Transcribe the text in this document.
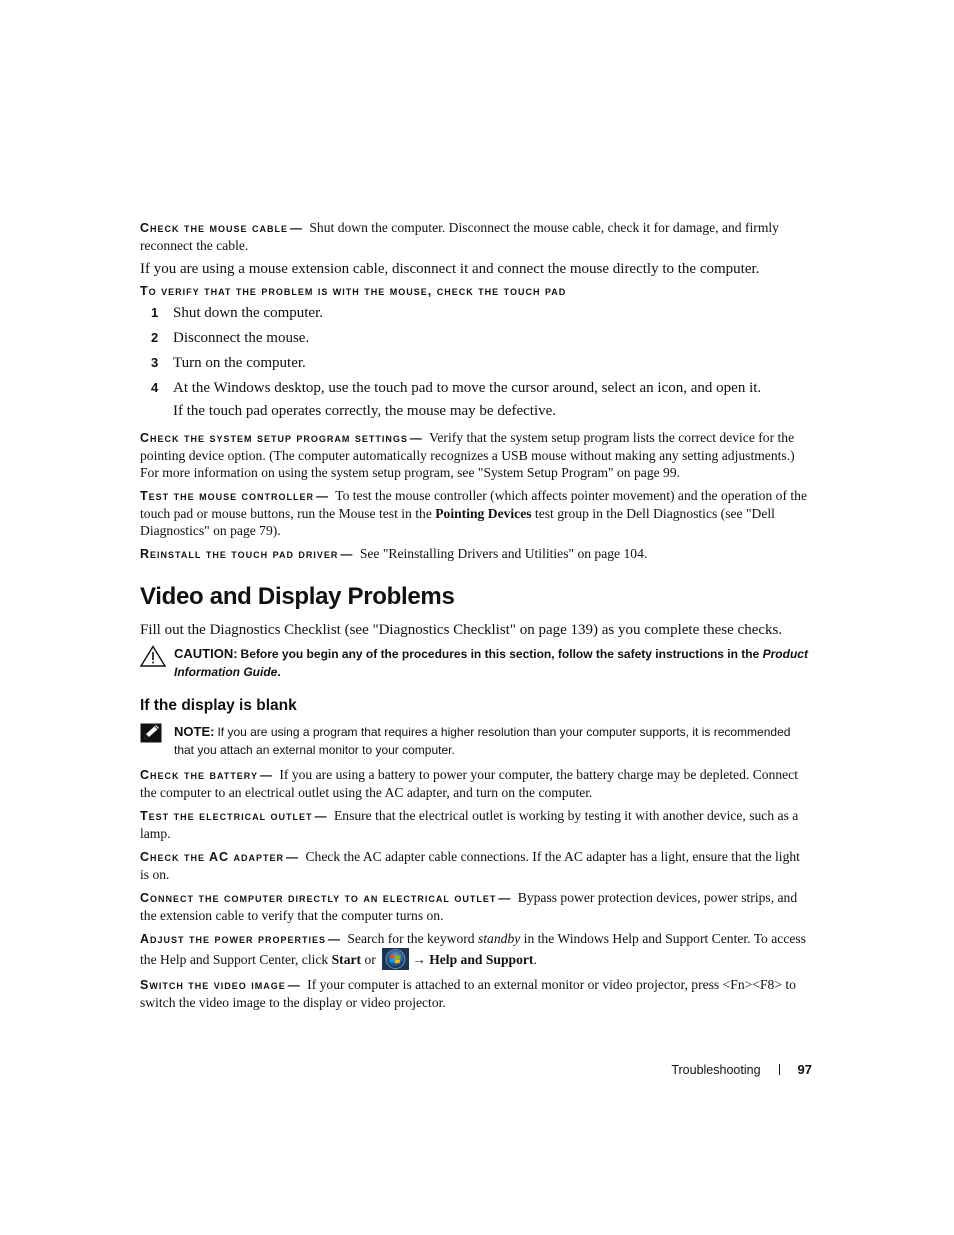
Check the mouse cable — Shut down the computer. Disconnect the mouse cable, check it for damage, and firmly reconnect the cable.

If you are using a mouse extension cable, disconnect it and connect the mouse directly to the computer.

To verify that the problem is with the mouse, check the touch pad

1 Shut down the computer.
2 Disconnect the mouse.
3 Turn on the computer.
4 At the Windows desktop, use the touch pad to move the cursor around, select an icon, and open it.

If the touch pad operates correctly, the mouse may be defective.

Check the system setup program settings — Verify that the system setup program lists the correct device for the pointing device option. (The computer automatically recognizes a USB mouse without making any setting adjustments.) For more information on using the system setup program, see "System Setup Program" on page 99.

Test the mouse controller — To test the mouse controller (which affects pointer movement) and the operation of the touch pad or mouse buttons, run the Mouse test in the Pointing Devices test group in the Dell Diagnostics (see "Dell Diagnostics" on page 79).

Reinstall the touch pad driver — See "Reinstalling Drivers and Utilities" on page 104.

Video and Display Problems

Fill out the Diagnostics Checklist (see "Diagnostics Checklist" on page 139) as you complete these checks.

CAUTION: Before you begin any of the procedures in this section, follow the safety instructions in the Product Information Guide.
If the display is blank
NOTE: If you are using a program that requires a higher resolution than your computer supports, it is recommended that you attach an external monitor to your computer.

Check the battery — If you are using a battery to power your computer, the battery charge may be depleted. Connect the computer to an electrical outlet using the AC adapter, and turn on the computer.

Test the electrical outlet — Ensure that the electrical outlet is working by testing it with another device, such as a lamp.

Check the AC adapter — Check the AC adapter cable connections. If the AC adapter has a light, ensure that the light is on.

Connect the computer directly to an electrical outlet — Bypass power protection devices, power strips, and the extension cable to verify that the computer turns on.

Adjust the power properties — Search for the keyword standby in the Windows Help and Support Center. To access the Help and Support Center, click Start or → Help and Support.

Switch the video image — If your computer is attached to an external monitor or video projector, press <Fn><F8> to switch the video image to the display or video projector.

Troubleshooting	97
